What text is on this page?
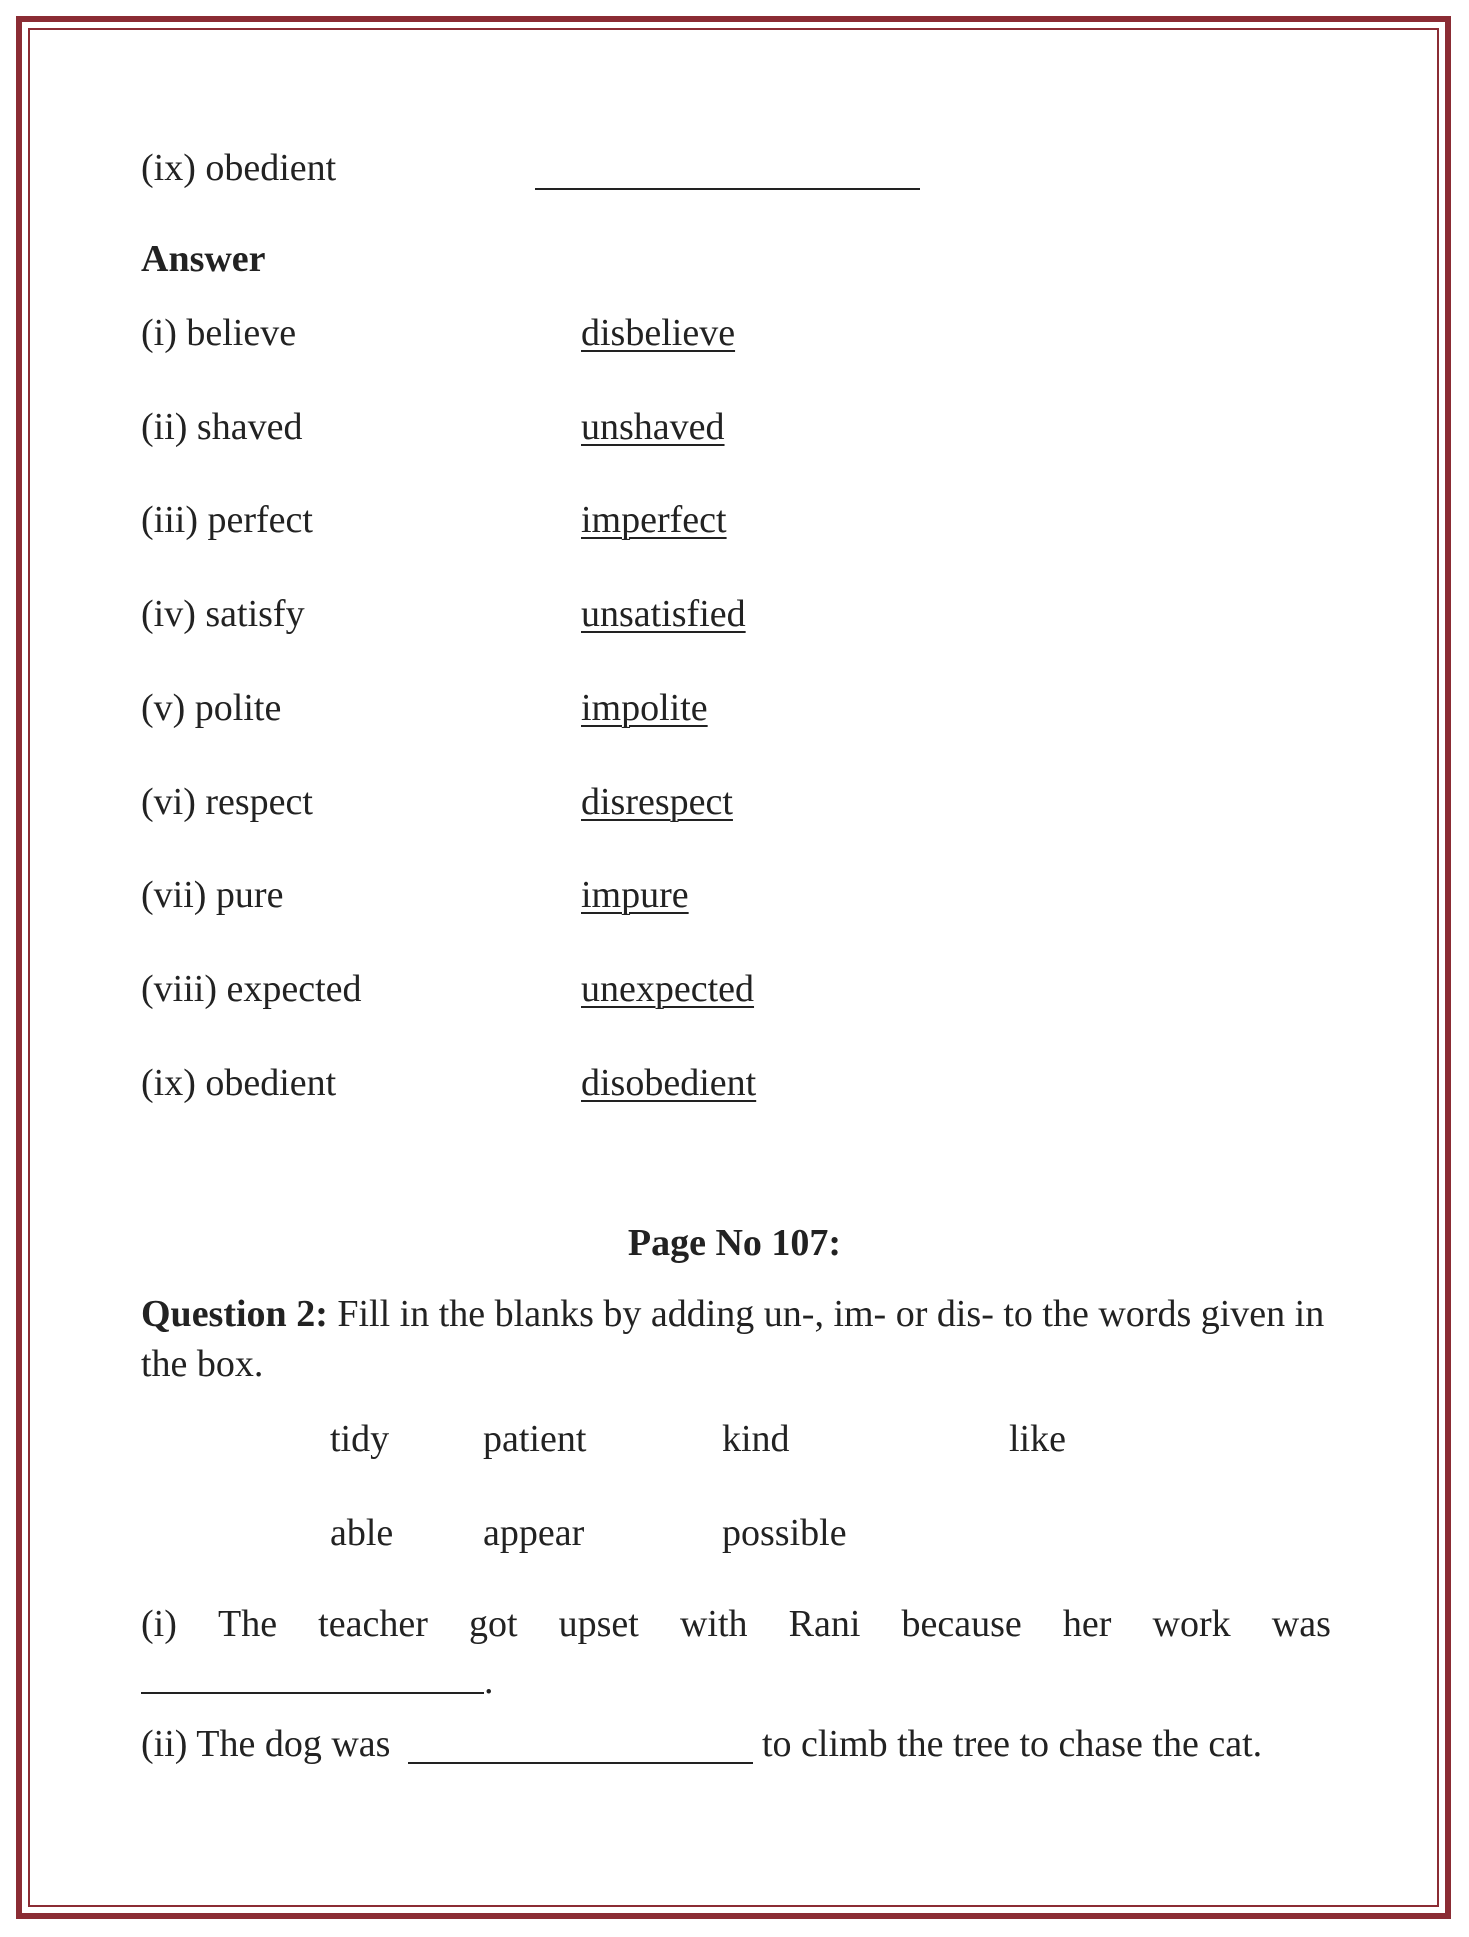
(ix) obedient
Answer
(i) believe	disbelieve
(ii) shaved	unshaved
(iii) perfect	imperfect
(iv) satisfy	unsatisfied
(v) polite	impolite
(vi) respect	disrespect
(vii) pure	impure
(viii) expected	unexpected
(ix) obedient	disobedient
Page No 107:
Question 2: Fill in the blanks by adding un-, im- or dis- to the words given in the box.
tidy patient	kind	like
able appear	possible
(i) The teacher got upset with Rani because her work was
.
(ii) The dog was	to climb the tree to chase the cat.
